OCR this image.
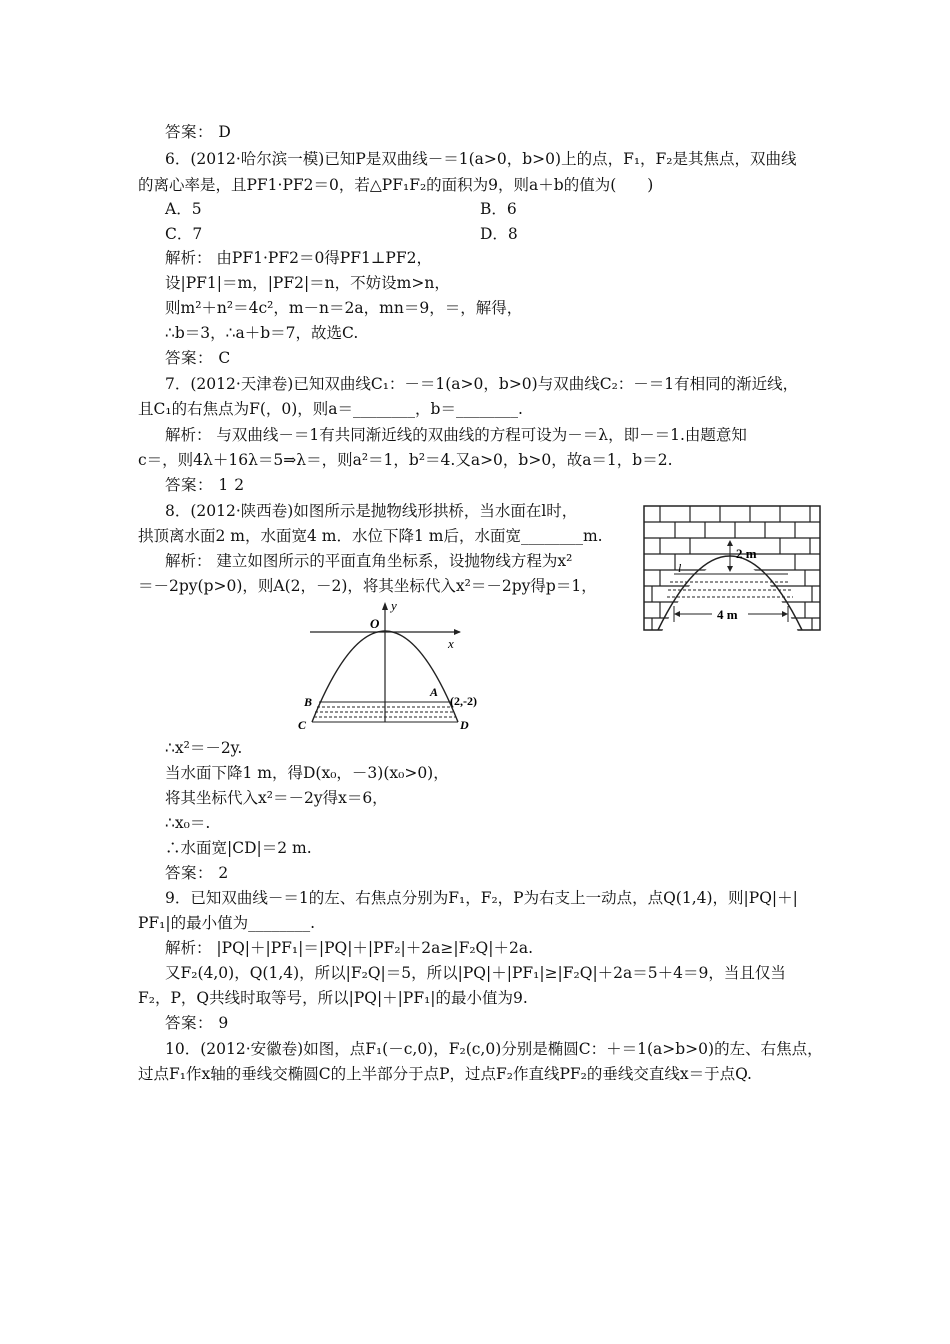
答案： D
6．(2012·哈尔滨一模)已知P是双曲线－＝1(a>0，b>0)上的点，F₁，F₂是其焦点，双曲线
的离心率是，且PF1·PF2＝0，若△PF₁F₂的面积为9，则a＋b的值为(　　)
A．5	B．6
C．7	D．8
解析： 由PF1·PF2＝0得PF1⊥PF2，
设|PF1|＝m，|PF2|＝n，不妨设m>n，
则m²＋n²＝4c²，m－n＝2a，mn＝9，＝，解得，
∴b＝3，∴a＋b＝7，故选C.
答案： C
7．(2012·天津卷)已知双曲线C₁：－＝1(a>0，b>0)与双曲线C₂：－＝1有相同的渐近线，
且C₁的右焦点为F(，0)，则a＝________，b＝________.
解析： 与双曲线－＝1有共同渐近线的双曲线的方程可设为－＝λ，即－＝1.由题意知
c＝，则4λ＋16λ＝5⇒λ＝，则a²＝1，b²＝4.又a>0，b>0，故a＝1，b＝2.
答案： 1 2
8．(2012·陕西卷)如图所示是抛物线形拱桥，当水面在l时，
拱顶离水面2 m，水面宽4 m．水位下降1 m后，水面宽________m.
解析： 建立如图所示的平面直角坐标系，设抛物线方程为x²
＝－2py(p>0)，则A(2，－2)，将其坐标代入x²＝－2py得p＝1，
2 m
l
4 m
y
x
O
B
A
(2,-2)
C	D
∴x²＝－2y.
当水面下降1 m，得D(x₀，－3)(x₀>0)，
将其坐标代入x²＝－2y得x＝6，
∴x₀＝.
∴水面宽|CD|＝2 m.
答案： 2
9．已知双曲线－＝1的左、右焦点分别为F₁，F₂，P为右支上一动点，点Q(1,4)，则|PQ|＋|
PF₁|的最小值为________.
解析： |PQ|＋|PF₁|＝|PQ|＋|PF₂|＋2a≥|F₂Q|＋2a.
又F₂(4,0)，Q(1,4)，所以|F₂Q|＝5，所以|PQ|＋|PF₁|≥|F₂Q|＋2a＝5＋4＝9，当且仅当
F₂，P，Q共线时取等号，所以|PQ|＋|PF₁|的最小值为9.
答案： 9
10．(2012·安徽卷)如图，点F₁(－c,0)，F₂(c,0)分别是椭圆C：＋＝1(a>b>0)的左、右焦点，
过点F₁作x轴的垂线交椭圆C的上半部分于点P，过点F₂作直线PF₂的垂线交直线x＝于点Q.
